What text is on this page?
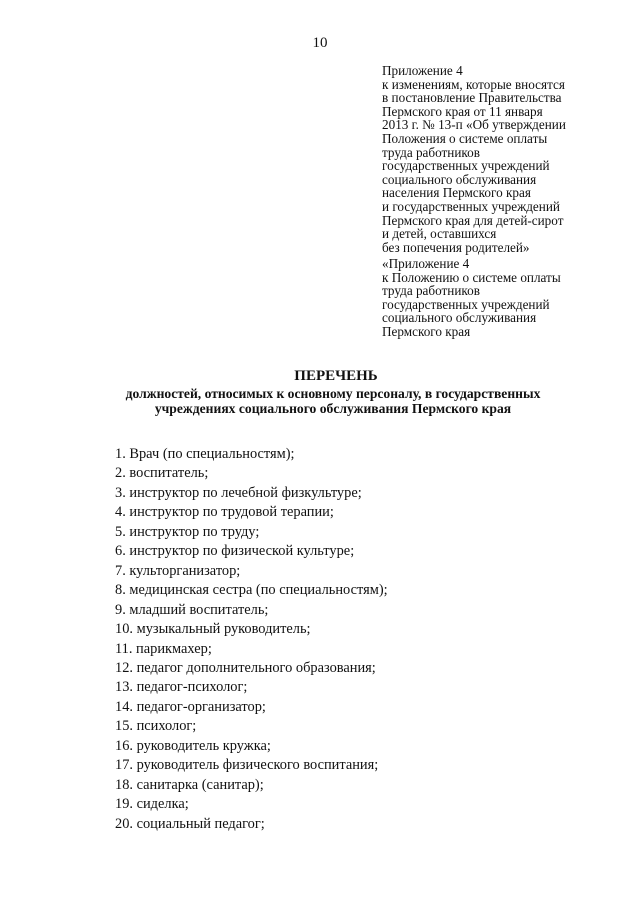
10
Приложение 4
к изменениям, которые вносятся
в постановление Правительства
Пермского края от 11 января
2013 г. № 13-п «Об утверждении
Положения о системе оплаты
труда работников
государственных учреждений
социального обслуживания
населения Пермского края
и государственных учреждений
Пермского края для детей-сирот
и детей, оставшихся
без попечения родителей»
«Приложение 4
к Положению о системе оплаты
труда работников
государственных учреждений
социального обслуживания
Пермского края
ПЕРЕЧЕНЬ
должностей, относимых к основному персоналу, в государственных
учреждениях социального обслуживания Пермского края
1. Врач (по специальностям);
2. воспитатель;
3. инструктор по лечебной физкультуре;
4. инструктор по трудовой терапии;
5. инструктор по труду;
6. инструктор по физической культуре;
7. культорганизатор;
8. медицинская сестра (по специальностям);
9. младший воспитатель;
10. музыкальный руководитель;
11. парикмахер;
12. педагог дополнительного образования;
13. педагог-психолог;
14. педагог-организатор;
15. психолог;
16. руководитель кружка;
17. руководитель физического воспитания;
18. санитарка (санитар);
19. сиделка;
20. социальный педагог;
